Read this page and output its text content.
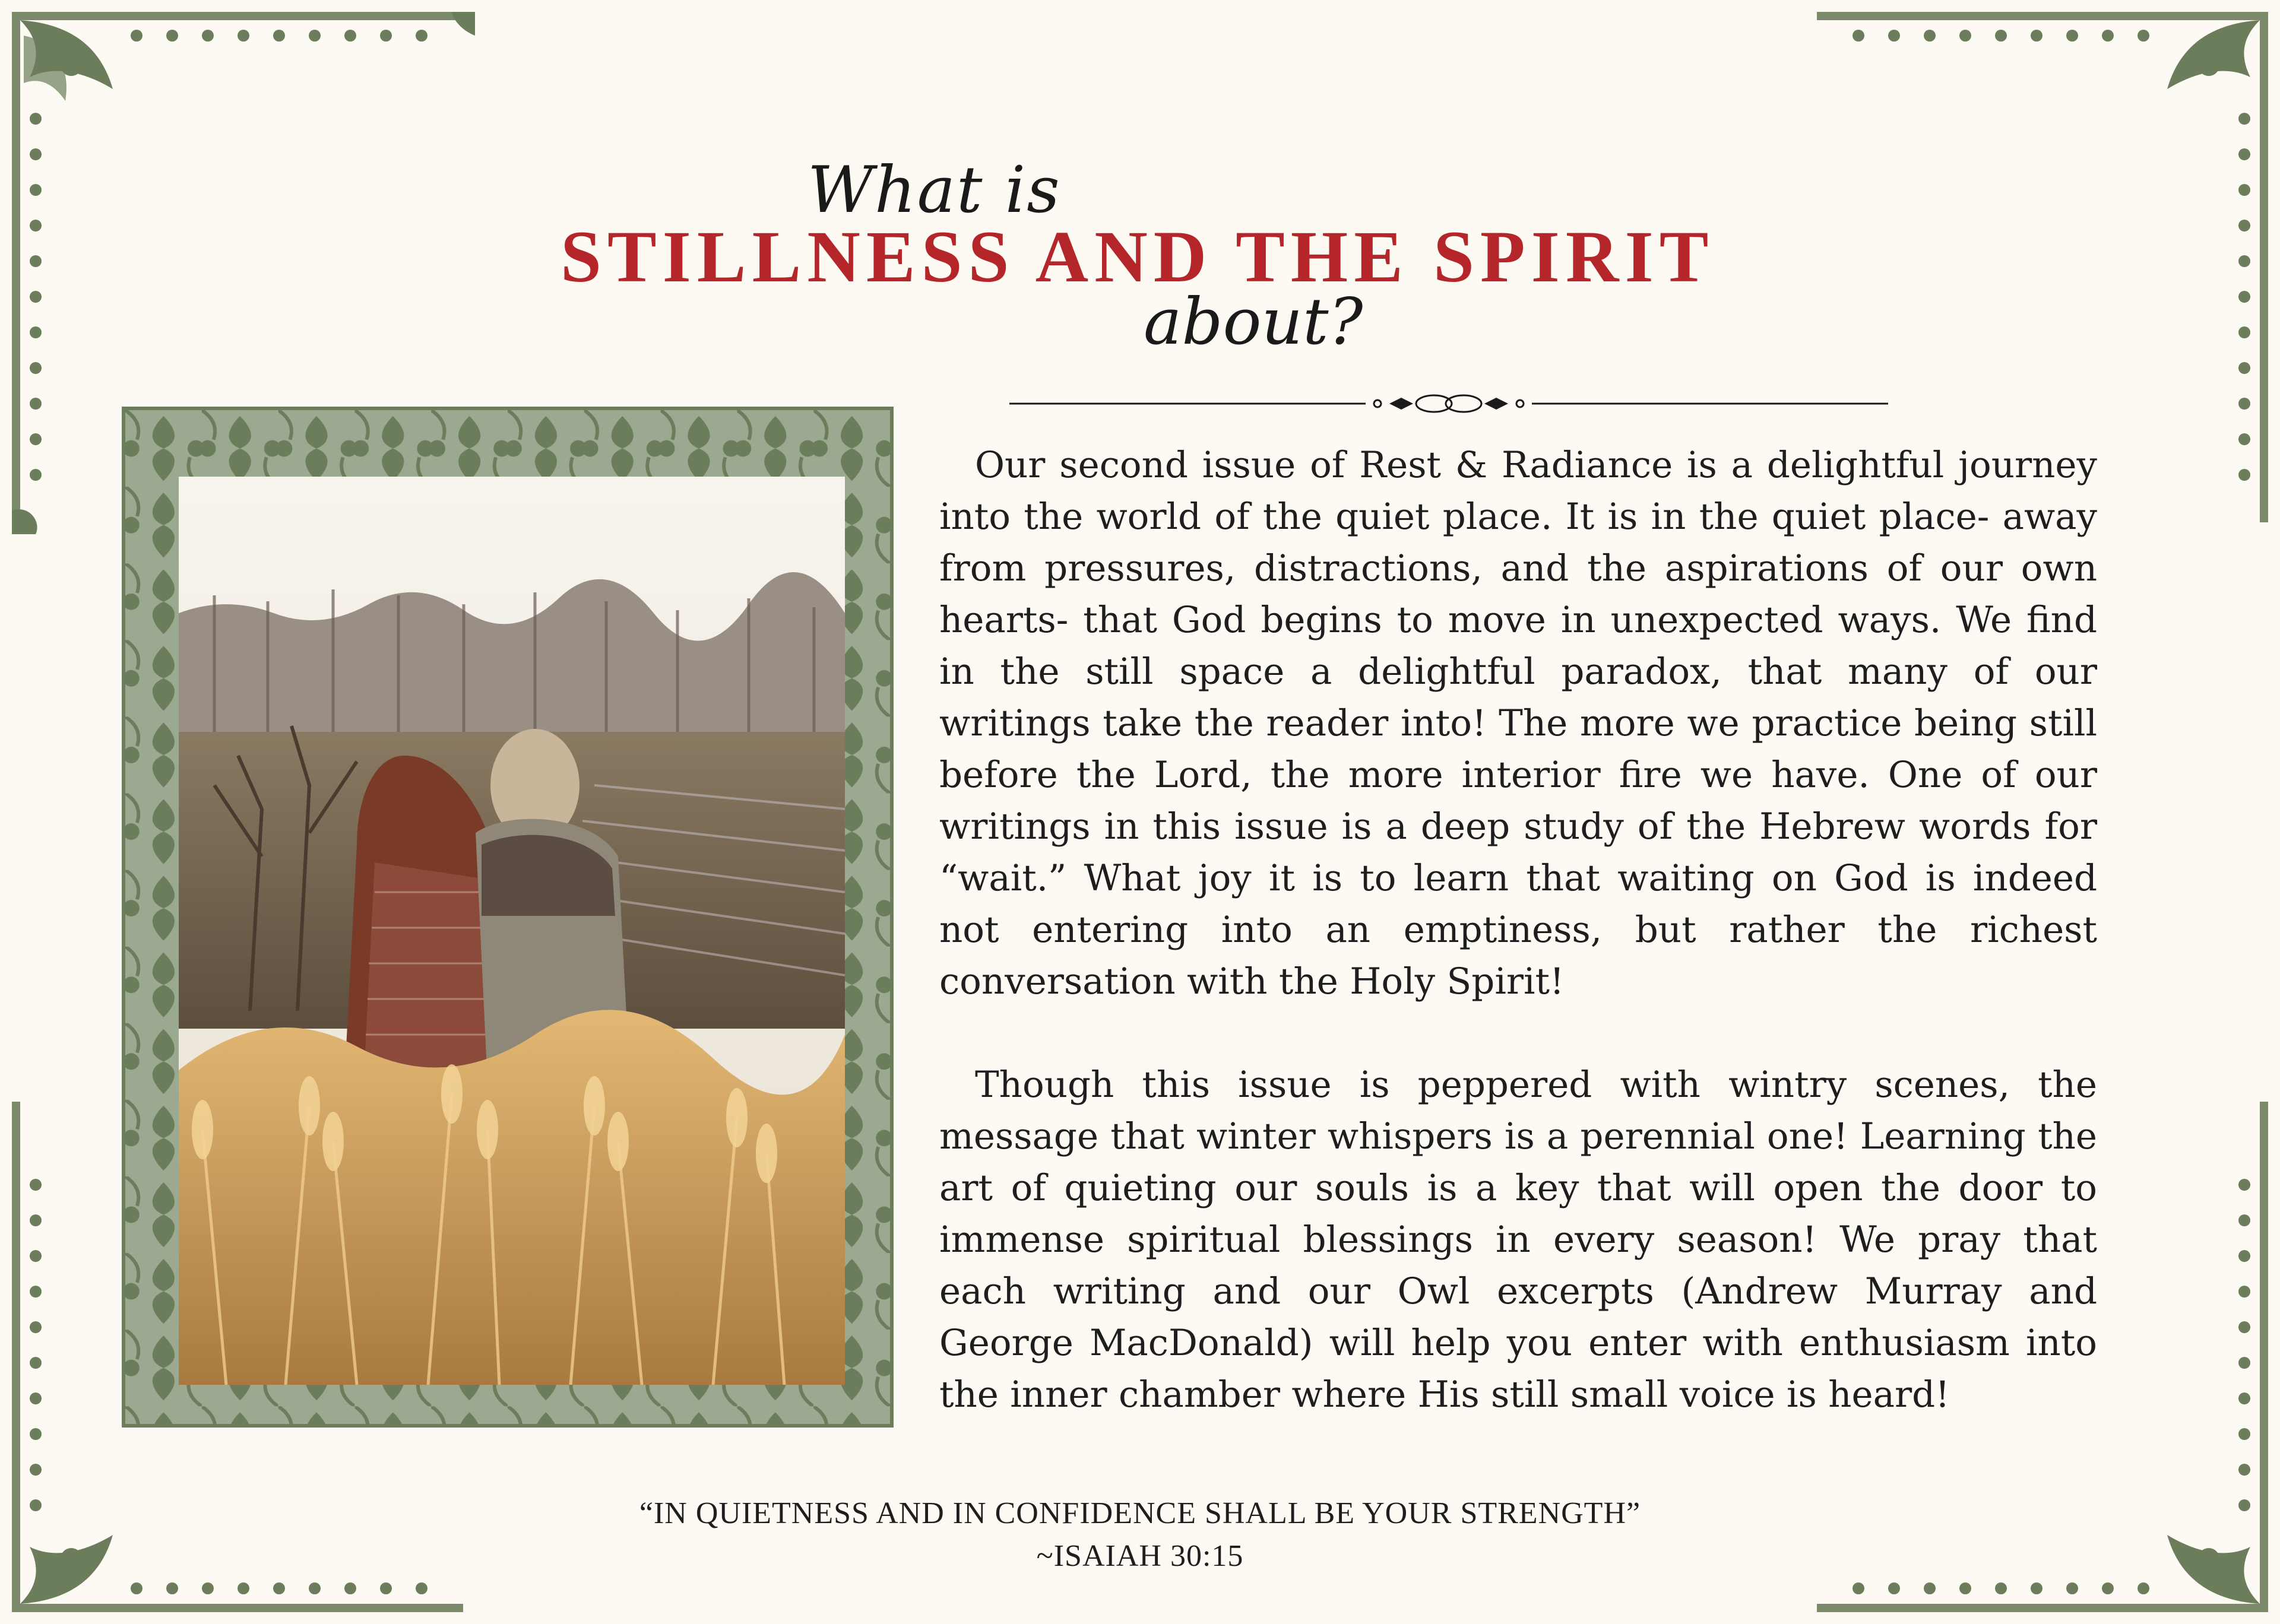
What is
STILLNESS AND THE SPIRIT
about?

Our second issue of Rest & Radiance is a delightful journey into the world of the quiet place. It is in the quiet place- away from pressures, distractions, and the aspirations of our own hearts- that God begins to move in unexpected ways. We find in the still space a delightful paradox, that many of our writings take the reader into! The more we practice being still before the Lord, the more interior fire we have. One of our writings in this issue is a deep study of the Hebrew words for “wait.” What joy it is to learn that waiting on God is indeed not entering into an emptiness, but rather the richest conversation with the Holy Spirit!

Though this issue is peppered with wintry scenes, the message that winter whispers is a perennial one! Learning the art of quieting our souls is a key that will open the door to immense spiritual blessings in every season! We pray that each writing and our Owl excerpts (Andrew Murray and George MacDonald) will help you enter with enthusiasm into the inner chamber where His still small voice is heard!

“IN QUIETNESS AND IN CONFIDENCE SHALL BE YOUR STRENGTH”
~ISAIAH 30:15
